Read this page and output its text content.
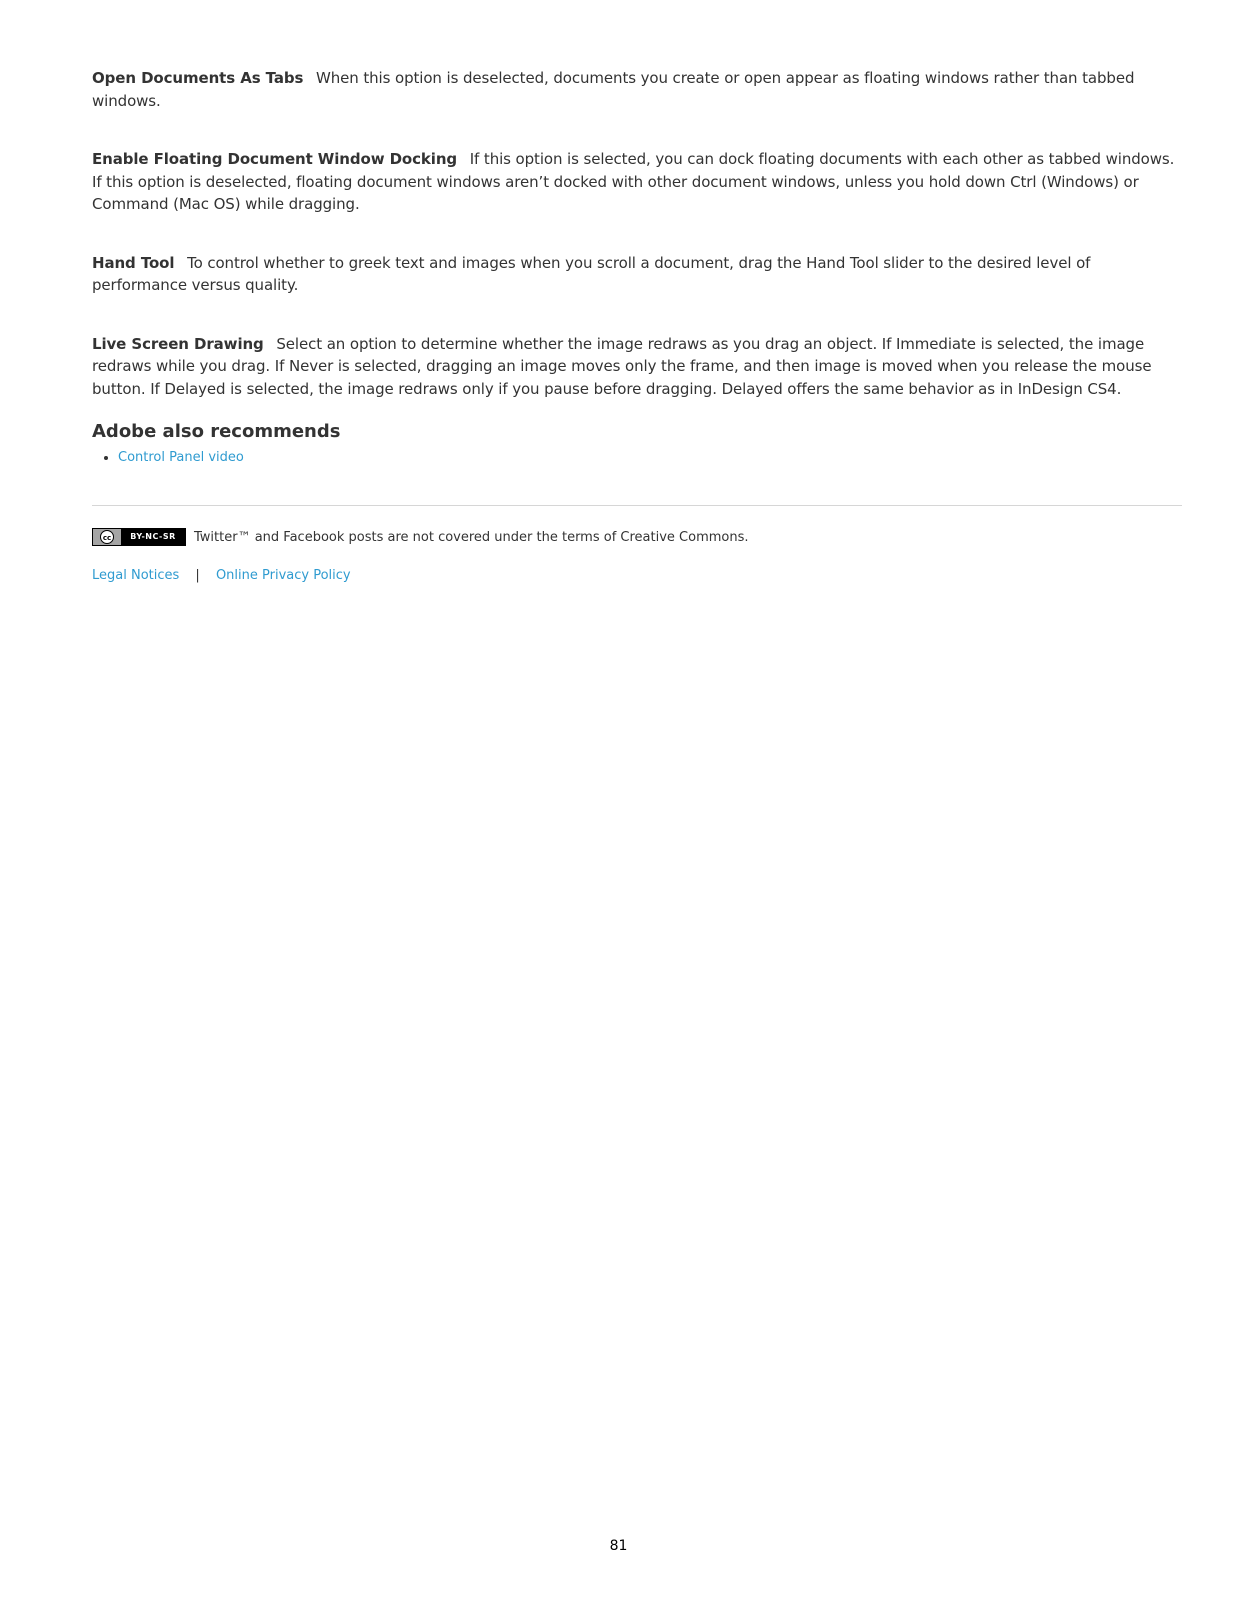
Open Documents As Tabs When this option is deselected, documents you create or open appear as floating windows rather than tabbed windows.

Enable Floating Document Window Docking If this option is selected, you can dock floating documents with each other as tabbed windows. If this option is deselected, floating document windows aren’t docked with other document windows, unless you hold down Ctrl (Windows) or Command (Mac OS) while dragging.

Hand Tool To control whether to greek text and images when you scroll a document, drag the Hand Tool slider to the desired level of performance versus quality.

Live Screen Drawing Select an option to determine whether the image redraws as you drag an object. If Immediate is selected, the image redraws while you drag. If Never is selected, dragging an image moves only the frame, and then image is moved when you release the mouse button. If Delayed is selected, the image redraws only if you pause before dragging. Delayed offers the same behavior as in InDesign CS4.

Adobe also recommends
• Control Panel video
cc	BY-NC-SR	Twitter™ and Facebook posts are not covered under the terms of Creative Commons.
Legal Notices | Online Privacy Policy
81
